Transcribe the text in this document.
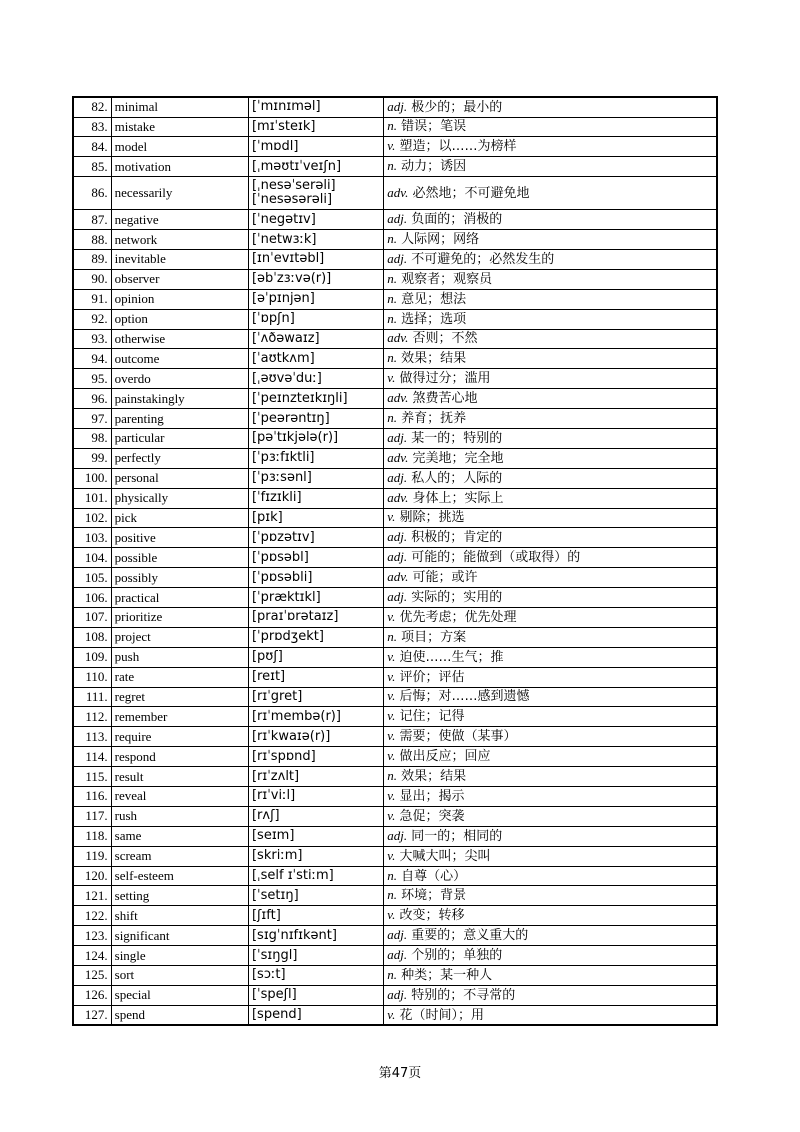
82.	minimal	[ˈmɪnɪməl]	adj. 极少的；最小的
83.	mistake	[mɪˈsteɪk]	n. 错误；笔误
84.	model	[ˈmɒdl]	v. 塑造；以……为榜样
85.	motivation	[ˌməʊtɪˈveɪʃn]	n. 动力；诱因
86.	necessarily	[ˌnesəˈserəli] [ˈnesəsərəli]	adv. 必然地；不可避免地
87.	negative	[ˈnegətɪv]	adj. 负面的；消极的
88.	network	[ˈnetwɜːk]	n. 人际网；网络
89.	inevitable	[ɪnˈevɪtəbl]	adj. 不可避免的；必然发生的
90.	observer	[əbˈzɜːvə(r)]	n. 观察者；观察员
91.	opinion	[əˈpɪnjən]	n. 意见；想法
92.	option	[ˈɒpʃn]	n. 选择；选项
93.	otherwise	[ˈʌðəwaɪz]	adv. 否则；不然
94.	outcome	[ˈaʊtkʌm]	n. 效果；结果
95.	overdo	[ˌəʊvəˈduː]	v. 做得过分；滥用
96.	painstakingly	[ˈpeɪnzteɪkɪŋli]	adv. 煞费苦心地
97.	parenting	[ˈpeərəntɪŋ]	n. 养育；抚养
98.	particular	[pəˈtɪkjələ(r)]	adj. 某一的；特别的
99.	perfectly	[ˈpɜːfɪktli]	adv. 完美地；完全地
100.	personal	[ˈpɜːsənl]	adj. 私人的；人际的
101.	physically	[ˈfɪzɪkli]	adv. 身体上；实际上
102.	pick	[pɪk]	v. 剔除；挑选
103.	positive	[ˈpɒzətɪv]	adj. 积极的；肯定的
104.	possible	[ˈpɒsəbl]	adj. 可能的；能做到（或取得）的
105.	possibly	[ˈpɒsəbli]	adv. 可能；或许
106.	practical	[ˈpræktɪkl]	adj. 实际的；实用的
107.	prioritize	[praɪˈɒrətaɪz]	v. 优先考虑；优先处理
108.	project	[ˈprɒdʒekt]	n. 项目；方案
109.	push	[pʊʃ]	v. 迫使……生气；推
110.	rate	[reɪt]	v. 评价；评估
111.	regret	[rɪˈgret]	v. 后悔；对……感到遗憾
112.	remember	[rɪˈmembə(r)]	v. 记住；记得
113.	require	[rɪˈkwaɪə(r)]	v. 需要；使做（某事）
114.	respond	[rɪˈspɒnd]	v. 做出反应；回应
115.	result	[rɪˈzʌlt]	n. 效果；结果
116.	reveal	[rɪˈviːl]	v. 显出；揭示
117.	rush	[rʌʃ]	v. 急促；突袭
118.	same	[seɪm]	adj. 同一的；相同的
119.	scream	[skriːm]	v. 大喊大叫；尖叫
120.	self-esteem	[ˌself ɪˈstiːm]	n. 自尊（心）
121.	setting	[ˈsetɪŋ]	n. 环境；背景
122.	shift	[ʃɪft]	v. 改变；转移
123.	significant	[sɪgˈnɪfɪkənt]	adj. 重要的；意义重大的
124.	single	[ˈsɪŋgl]	adj. 个别的；单独的
125.	sort	[sɔːt]	n. 种类；某一种人
126.	special	[ˈspeʃl]	adj. 特别的；不寻常的
127.	spend	[spend]	v. 花（时间）；用
第47页
